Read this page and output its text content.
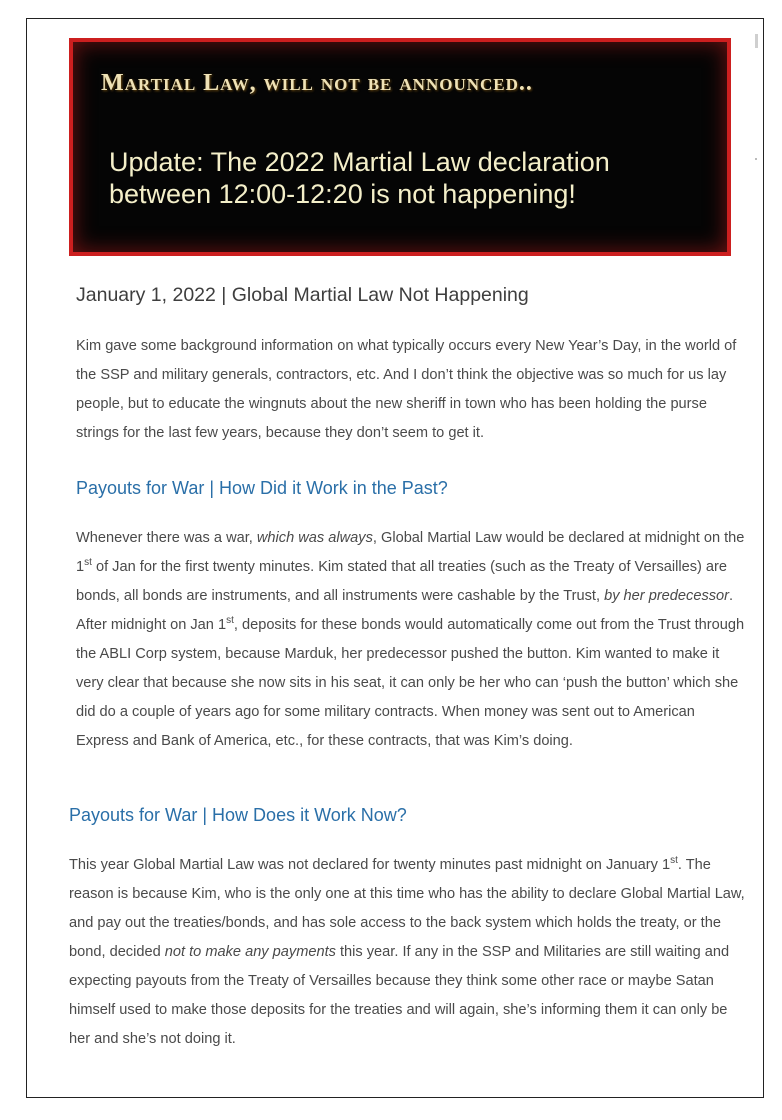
Martial Law, will not be announced..
Update: The 2022 Martial Law declaration between 12:00-12:20 is not happening!
January 1, 2022 | Global Martial Law Not Happening
Kim gave some background information on what typically occurs every New Year’s Day, in the world of the SSP and military generals, contractors, etc. And I don’t think the objective was so much for us lay people, but to educate the wingnuts about the new sheriff in town who has been holding the purse strings for the last few years, because they don’t seem to get it.
Payouts for War | How Did it Work in the Past?
Whenever there was a war, which was always, Global Martial Law would be declared at midnight on the 1st of Jan for the first twenty minutes. Kim stated that all treaties (such as the Treaty of Versailles) are bonds, all bonds are instruments, and all instruments were cashable by the Trust, by her predecessor. After midnight on Jan 1st, deposits for these bonds would automatically come out from the Trust through the ABLI Corp system, because Marduk, her predecessor pushed the button. Kim wanted to make it very clear that because she now sits in his seat, it can only be her who can ‘push the button’ which she did do a couple of years ago for some military contracts. When money was sent out to American Express and Bank of America, etc., for these contracts, that was Kim’s doing.
Payouts for War | How Does it Work Now?
This year Global Martial Law was not declared for twenty minutes past midnight on January 1st. The reason is because Kim, who is the only one at this time who has the ability to declare Global Martial Law, and pay out the treaties/bonds, and has sole access to the back system which holds the treaty, or the bond, decided not to make any payments this year. If any in the SSP and Militaries are still waiting and expecting payouts from the Treaty of Versailles because they think some other race or maybe Satan himself used to make those deposits for the treaties and will again, she’s informing them it can only be her and she’s not doing it.
